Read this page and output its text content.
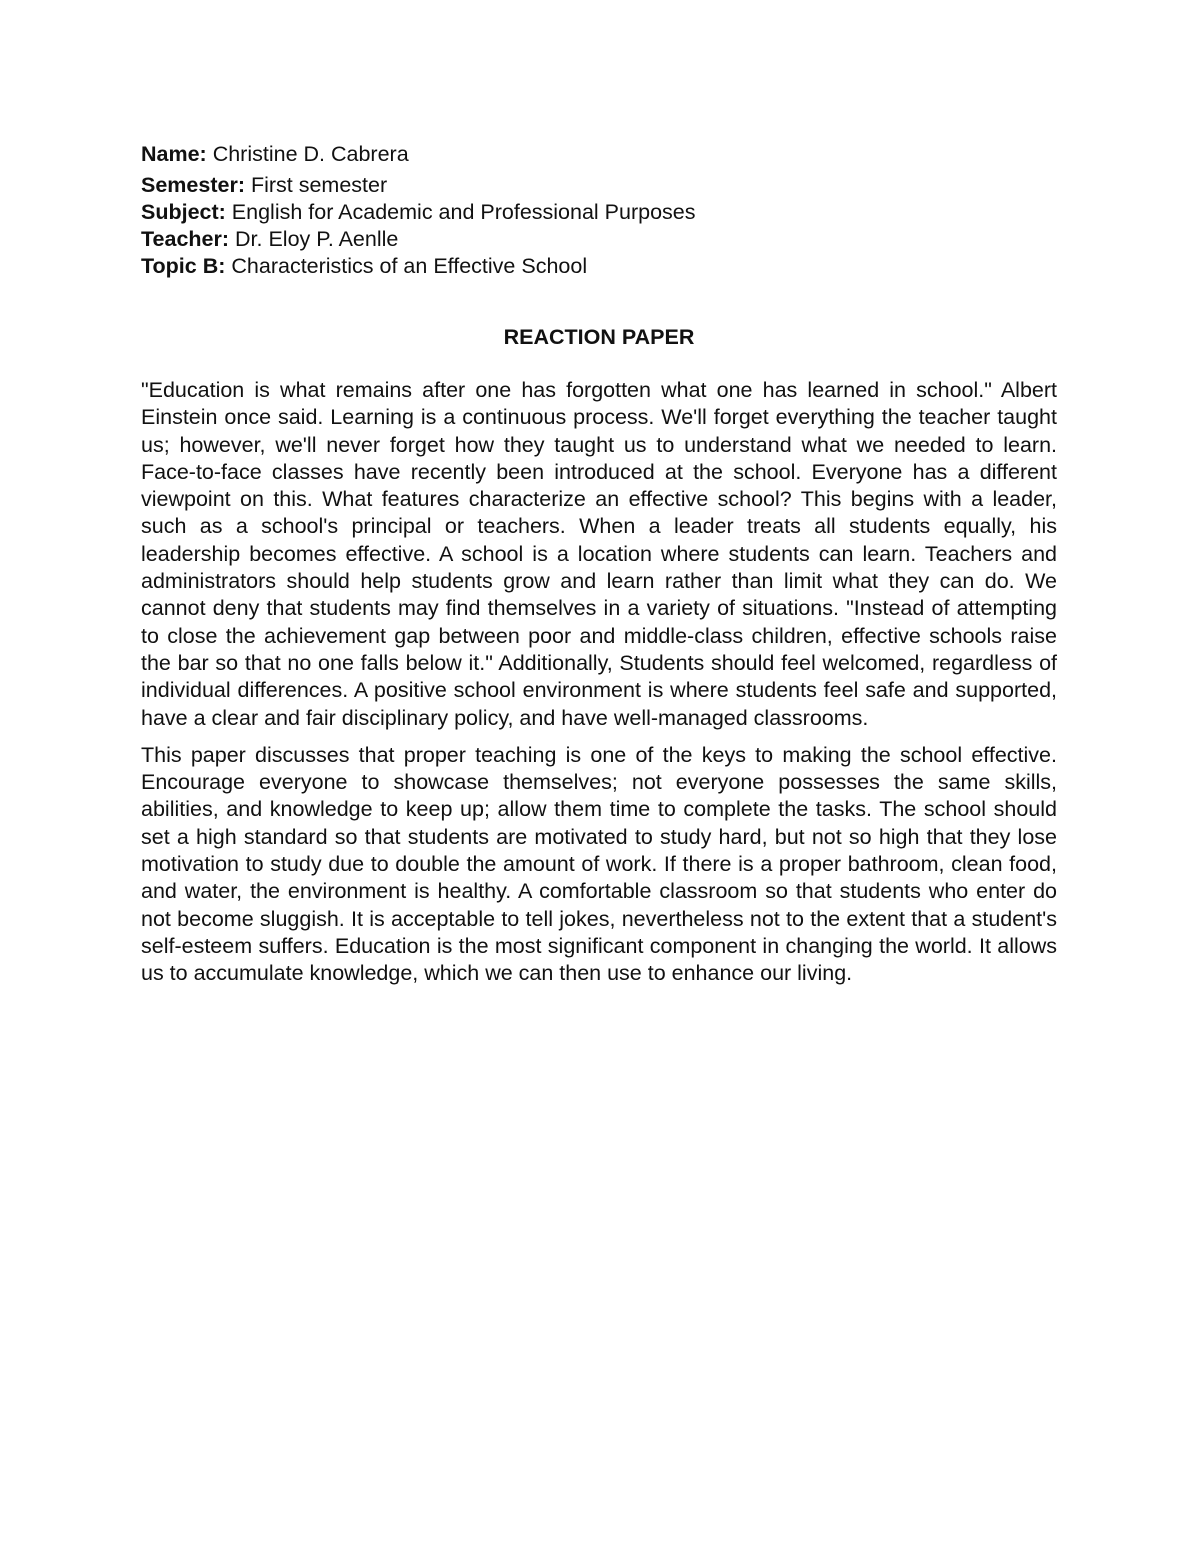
Name: Christine D. Cabrera
Semester: First semester
Subject: English for Academic and Professional Purposes
Teacher: Dr. Eloy P. Aenlle
Topic B: Characteristics of an Effective School
REACTION PAPER

"Education is what remains after one has forgotten what one has learned in school." Albert Einstein once said. Learning is a continuous process. We'll forget everything the teacher taught us; however, we'll never forget how they taught us to understand what we needed to learn. Face-to-face classes have recently been introduced at the school. Everyone has a different viewpoint on this. What features characterize an effective school? This begins with a leader, such as a school's principal or teachers. When a leader treats all students equally, his leadership becomes effective. A school is a location where students can learn. Teachers and administrators should help students grow and learn rather than limit what they can do. We cannot deny that students may find themselves in a variety of situations. "Instead of attempting to close the achievement gap between poor and middle-class children, effective schools raise the bar so that no one falls below it." Additionally, Students should feel welcomed, regardless of individual differences. A positive school environment is where students feel safe and supported, have a clear and fair disciplinary policy, and have well-managed classrooms.

This paper discusses that proper teaching is one of the keys to making the school effective. Encourage everyone to showcase themselves; not everyone possesses the same skills, abilities, and knowledge to keep up; allow them time to complete the tasks. The school should set a high standard so that students are motivated to study hard, but not so high that they lose motivation to study due to double the amount of work. If there is a proper bathroom, clean food, and water, the environment is healthy. A comfortable classroom so that students who enter do not become sluggish. It is acceptable to tell jokes, nevertheless not to the extent that a student's self-esteem suffers. Education is the most significant component in changing the world. It allows us to accumulate knowledge, which we can then use to enhance our living.
